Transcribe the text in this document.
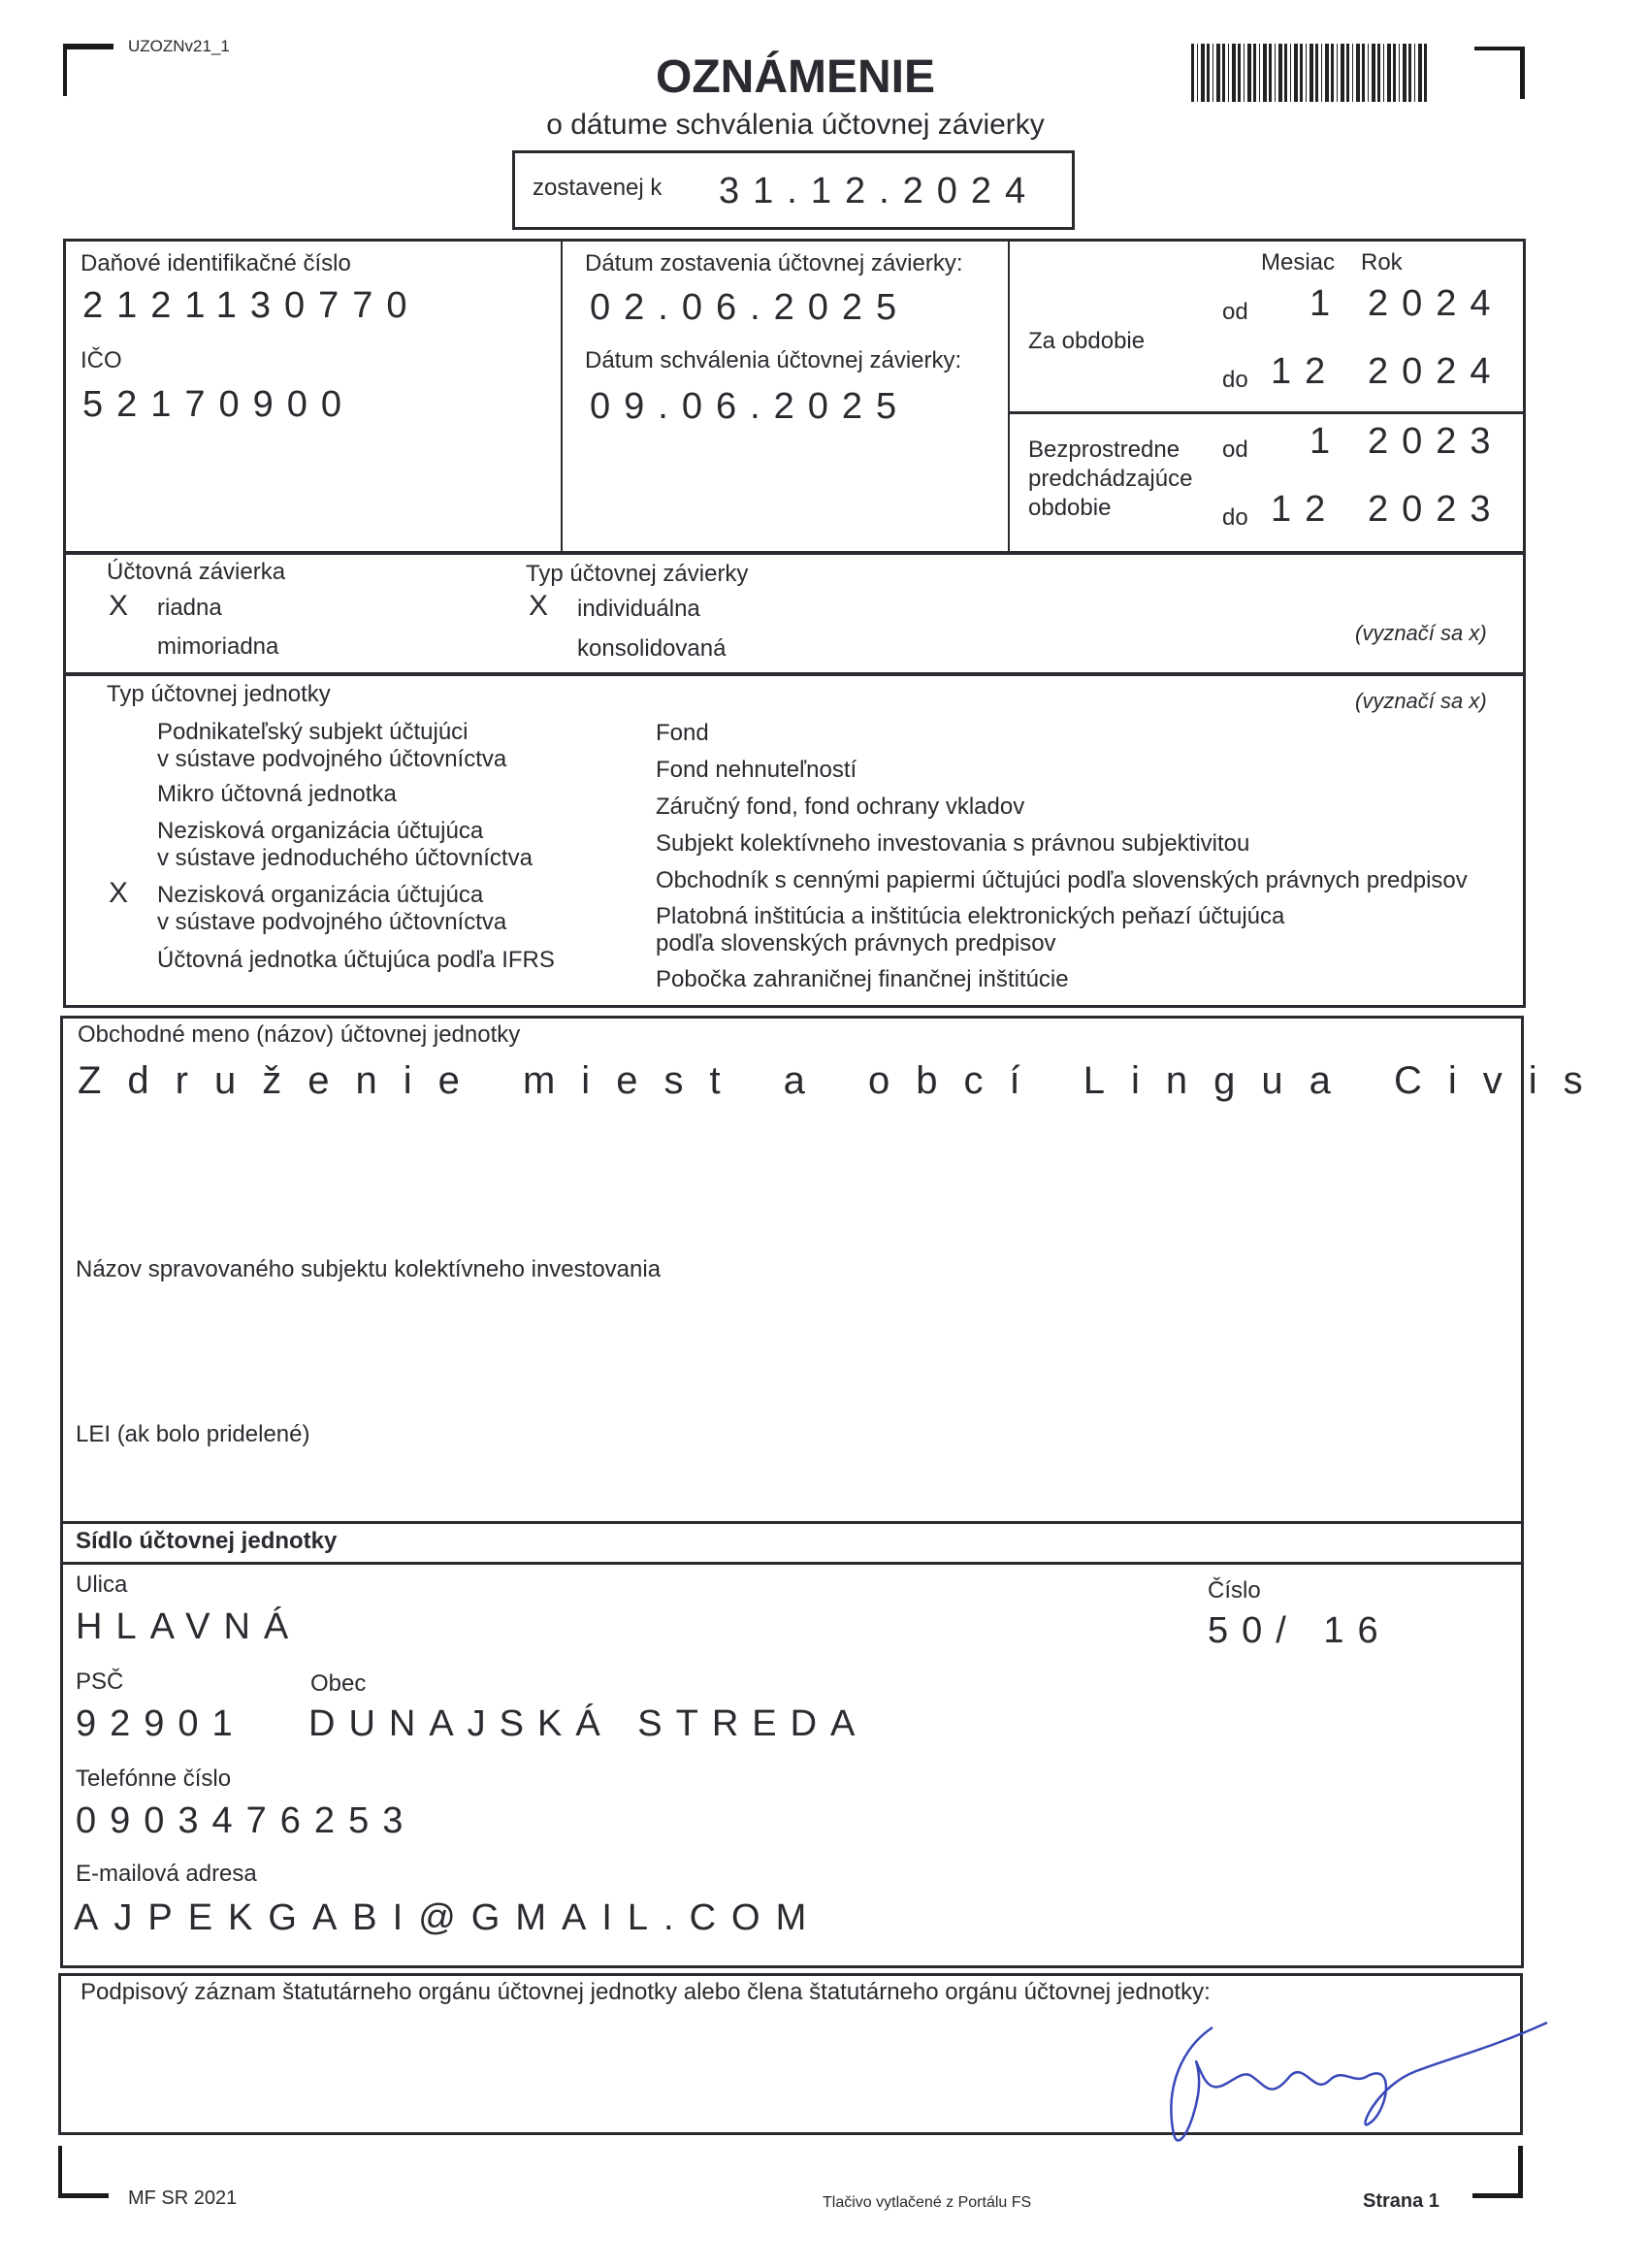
UZOZNv21_1
OZNÁMENIE
o dátume schválenia účtovnej závierky
zostavenej k 31.12.2024
Daňové identifikačné číslo
2121130770
IČO
52170900
Dátum zostavenia účtovnej závierky:
02.06.2025
Dátum schválenia účtovnej závierky:
09.06.2025
Mesiac Rok
Za obdobie
od 1 2024
do 12 2024
Bezprostredne
predchádzajúce
obdobie
od 1 2023
do 12 2023
Účtovná závierka
X riadna
mimoriadna
Typ účtovnej závierky
X individuálna
konsolidovaná
(vyznačí sa x)
Typ účtovnej jednotky	(vyznačí sa x)
Podnikateľský subjekt účtujúci
v sústave podvojného účtovníctva
Mikro účtovná jednotka
Nezisková organizácia účtujúca
v sústave jednoduchého účtovníctva
X Nezisková organizácia účtujúca
v sústave podvojného účtovníctva
Účtovná jednotka účtujúca podľa IFRS
Fond
Fond nehnuteľností
Záručný fond, fond ochrany vkladov
Subjekt kolektívneho investovania s právnou subjektivitou
Obchodník s cennými papiermi účtujúci podľa slovenských právnych predpisov
Platobná inštitúcia a inštitúcia elektronických peňazí účtujúca
podľa slovenských právnych predpisov
Pobočka zahraničnej finančnej inštitúcie
Obchodné meno (názov) účtovnej jednotky
Združenie miest a obcí Lingua Civis
Názov spravovaného subjektu kolektívneho investovania
LEI (ak bolo pridelené)
Sídlo účtovnej jednotky
Ulica
HLAVNÁ
Číslo
50/ 16
PSČ	Obec
92901 DUNAJSKÁ STREDA
Telefónne číslo
0903476253
E-mailová adresa
AJPEKGABI@GMAIL.COM
Podpisový záznam štatutárneho orgánu účtovnej jednotky alebo člena štatutárneho orgánu účtovnej jednotky:
MF SR 2021	Tlačivo vytlačené z Portálu FS	Strana 1
